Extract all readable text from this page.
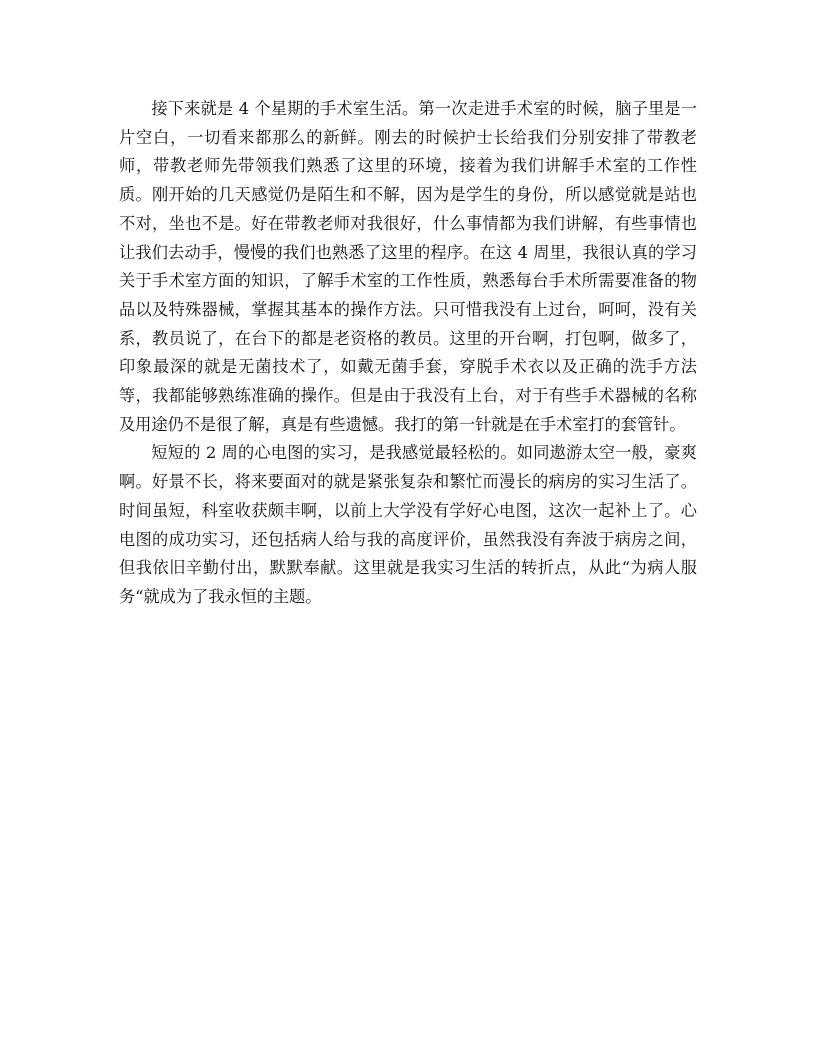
接下来就是 4 个星期的手术室生活。第一次走进手术室的时候，脑子里是一片空白，一切看来都那么的新鲜。刚去的时候护士长给我们分别安排了带教老师，带教老师先带领我们熟悉了这里的环境，接着为我们讲解手术室的工作性质。刚开始的几天感觉仍是陌生和不解，因为是学生的身份，所以感觉就是站也不对，坐也不是。好在带教老师对我很好，什么事情都为我们讲解，有些事情也让我们去动手，慢慢的我们也熟悉了这里的程序。在这 4 周里，我很认真的学习关于手术室方面的知识，了解手术室的工作性质，熟悉每台手术所需要准备的物品以及特殊器械，掌握其基本的操作方法。只可惜我没有上过台，呵呵，没有关系，教员说了，在台下的都是老资格的教员。这里的开台啊，打包啊，做多了，印象最深的就是无菌技术了，如戴无菌手套，穿脱手术衣以及正确的洗手方法等，我都能够熟练准确的操作。但是由于我没有上台，对于有些手术器械的名称及用途仍不是很了解，真是有些遗憾。我打的第一针就是在手术室打的套管针。

短短的 2 周的心电图的实习，是我感觉最轻松的。如同遨游太空一般，豪爽啊。好景不长，将来要面对的就是紧张复杂和繁忙而漫长的病房的实习生活了。时间虽短，科室收获颇丰啊，以前上大学没有学好心电图，这次一起补上了。心电图的成功实习，还包括病人给与我的高度评价，虽然我没有奔波于病房之间，但我依旧辛勤付出，默默奉献。这里就是我实习生活的转折点，从此“为病人服务“就成为了我永恒的主题。
